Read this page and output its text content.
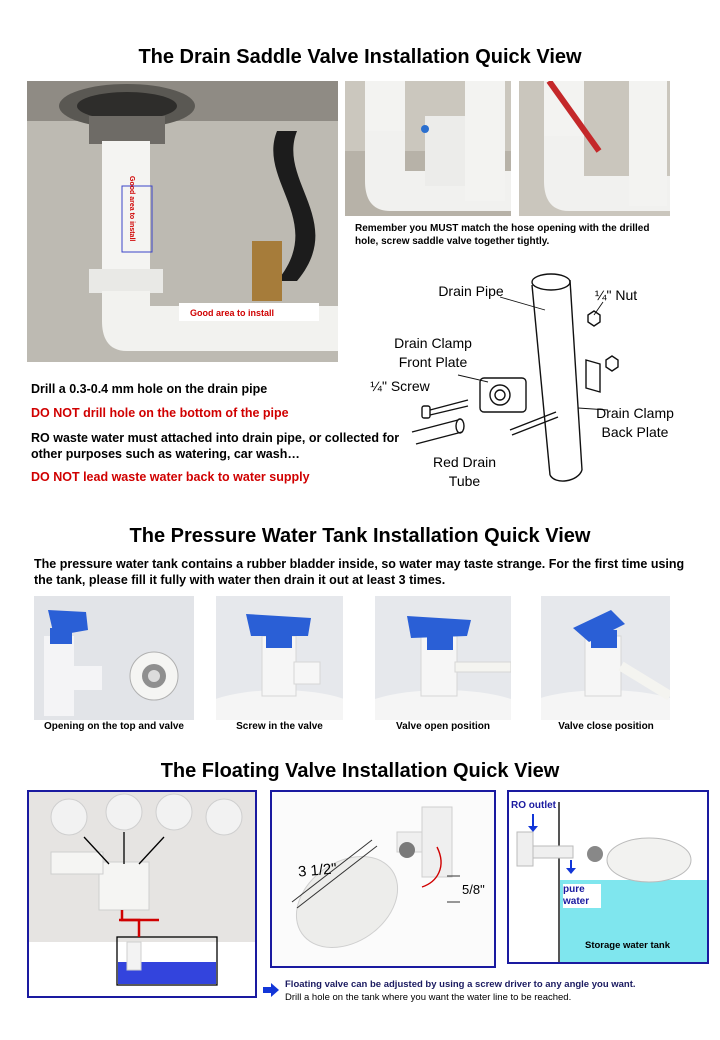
The Drain Saddle Valve Installation Quick View
Good area to install
Good area to install
Remember you MUST match the hose opening with the drilled hole, screw saddle valve together tightly.
Drill a 0.3-0.4 mm hole on the drain pipe
DO NOT drill hole on the bottom of the pipe
RO waste water must attached into drain pipe, or collected for other purposes such as watering, car wash…
DO NOT lead waste water back to water supply
Drain Pipe	¼" Nut
Drain Clamp Front Plate
¼" Screw
Drain Clamp Back Plate
Red Drain Tube
The Pressure Water Tank Installation Quick View
The pressure water tank contains a rubber bladder inside, so water may taste strange. For the first time using the tank, please fill it fully with water then drain it out at least 3 times.
Opening on the top and valve	Screw in the valve	Valve open position	Valve close position
The Floating Valve Installation Quick View
3 1/2"
5/8"
RO outlet
pure water
Storage water tank
Floating valve can be adjusted by using a screw driver to any angle you want.
Drill a hole on the tank where you want the water line to be reached.
